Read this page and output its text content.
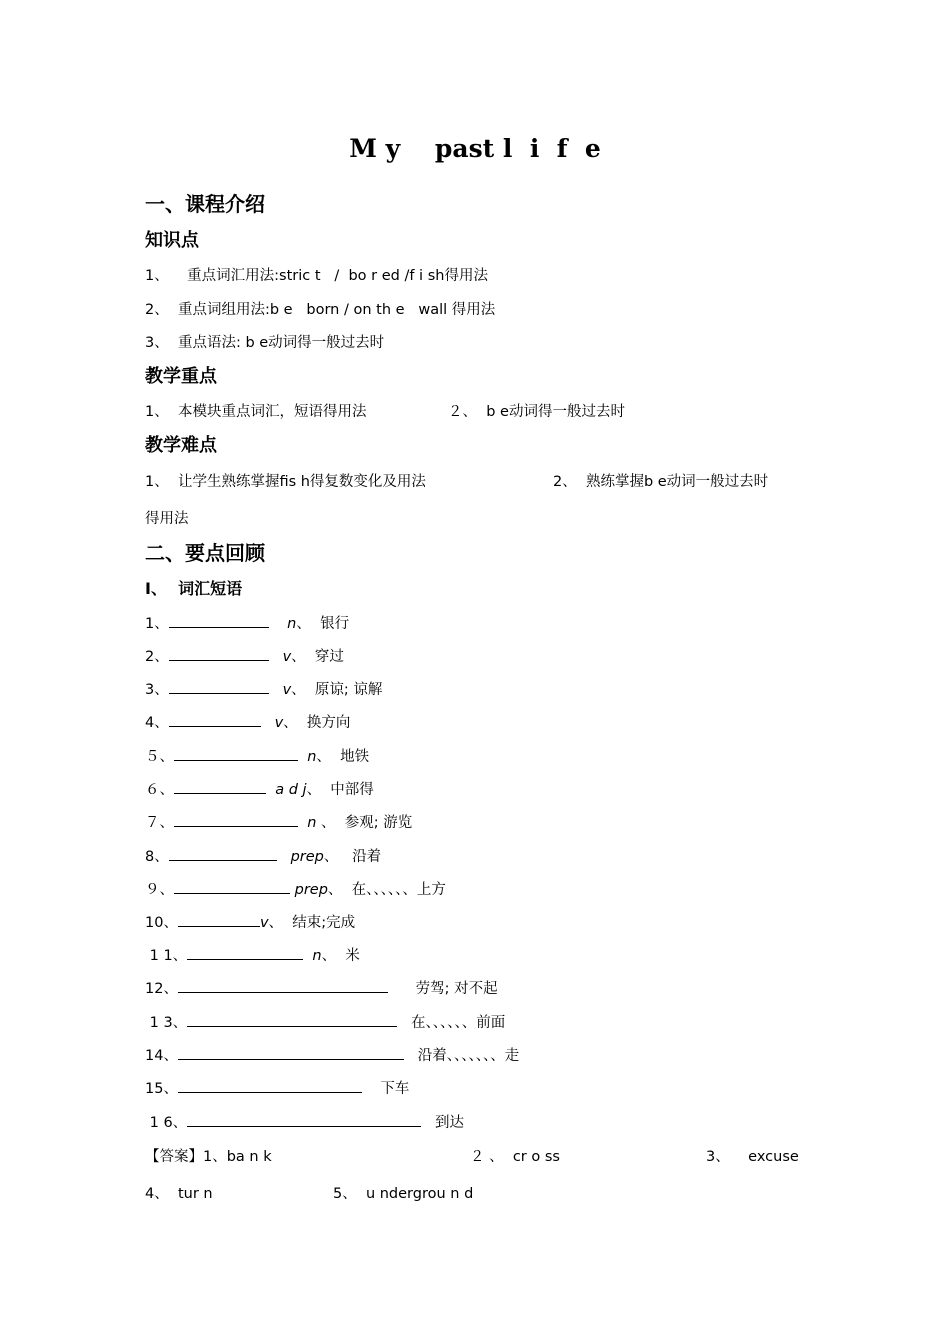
M y    past l  i  f  e
一、课程介绍
知识点
1、    重点词汇用法:stric t   /  bo r ed /f i sh得用法
2、  重点词组用法:b e   born / on th e   wall 得用法
3、  重点语法: b e动词得一般过去时
教学重点
1、  本模块重点词汇，短语得用法	２、  b e动词得一般过去时
教学难点
1、  让学生熟练掌握fis h得复数变化及用法	2、  熟练掌握b e动词一般过去时
得用法
二、要点回顾
Ⅰ、  词汇短语
1、	n、  银行
2、	v、  穿过
3、	v、  原谅; 谅解
4、	v、  换方向
５、	n、  地铁
６、	a d j、  中部得
７、	n 、  参观; 游览
8、	prep、   沿着
９、	prep、  在、、、、、、上方
10、	v、  结束;完成
1 1、	n、  米
12、	劳驾; 对不起
1 3、	在、、、、、、前面
14、	沿着、、、、、、、走
15、	下车
1 6、	到达
【答案】1、ba n k	２ 、  cr o ss	3、    excuse
4、  tur n	5、  u ndergrou n d
